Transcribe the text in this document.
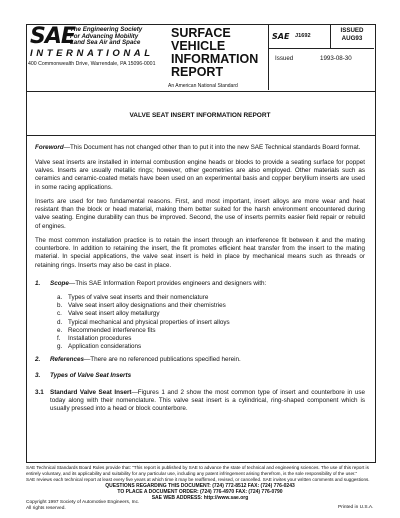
SAE
The Engineering Society
For Advancing Mobility
Land Sea Air and Space
INTERNATIONAL
400 Commonwealth Drive, Warrendale, PA 15096-0001
SURFACE
VEHICLE
INFORMATION
REPORT
An American National Standard
SAE J1692
ISSUED
AUG93
Issued	1993-08-30
VALVE SEAT INSERT INFORMATION REPORT
Foreword—This Document has not changed other than to put it into the new SAE Technical standards Board format.
Valve seat inserts are installed in internal combustion engine heads or blocks to provide a seating surface for poppet valves. Inserts are usually metallic rings; however, other geometries are also employed. Other materials such as ceramics and ceramic-coated metals have been used on an experimental basis and copper beryllium inserts are used in some racing applications.
Inserts are used for two fundamental reasons. First, and most important, insert alloys are more wear and heat resistant than the block or head material, making them better suited for the harsh environment encountered during valve seating. Engine durability can thus be improved. Second, the use of inserts permits easier field repair or rebuild of engines.
The most common installation practice is to retain the insert through an interference fit between it and the mating counterbore. In addition to retaining the insert, the fit promotes efficient heat transfer from the insert to the mating material. In special applications, the valve seat insert is held in place by mechanical means such as threads or retaining rings. Inserts may also be cast in place.
1. Scope—This SAE Information Report provides engineers and designers with:
a. Types of valve seat inserts and their nomenclature
b. Valve seat insert alloy designations and their chemistries
c. Valve seat insert alloy metallurgy
d. Typical mechanical and physical properties of insert alloys
e. Recommended interference fits
f. Installation procedures
g. Application considerations
2. References—There are no referenced publications specified herein.
3. Types of Valve Seat Inserts
3.1 Standard Valve Seat Insert—Figures 1 and 2 show the most common type of insert and counterbore in use today along with their nomenclature. This valve seat insert is a cylindrical, ring-shaped component which is usually pressed into a head or block counterbore.
SAE Technical Standards Board Rules provide that: "This report is published by SAE to advance the state of technical and engineering sciences. The use of this report is entirely voluntary, and its applicability and suitability for any particular use, including any patent infringement arising therefrom, is the sole responsibility of the user."
SAE reviews each technical report at least every five years at which time it may be reaffirmed, revised, or cancelled. SAE invites your written comments and suggestions.
QUESTIONS REGARDING THIS DOCUMENT: (724) 772-8512 FAX: (724) 776-0243
TO PLACE A DOCUMENT ORDER: (724) 776-4970 FAX: (724) 776-0790
SAE WEB ADDRESS: http://www.sae.org
Copyright 1997 Society of Automotive Engineers, Inc.
All rights reserved.	Printed in U.S.A.
